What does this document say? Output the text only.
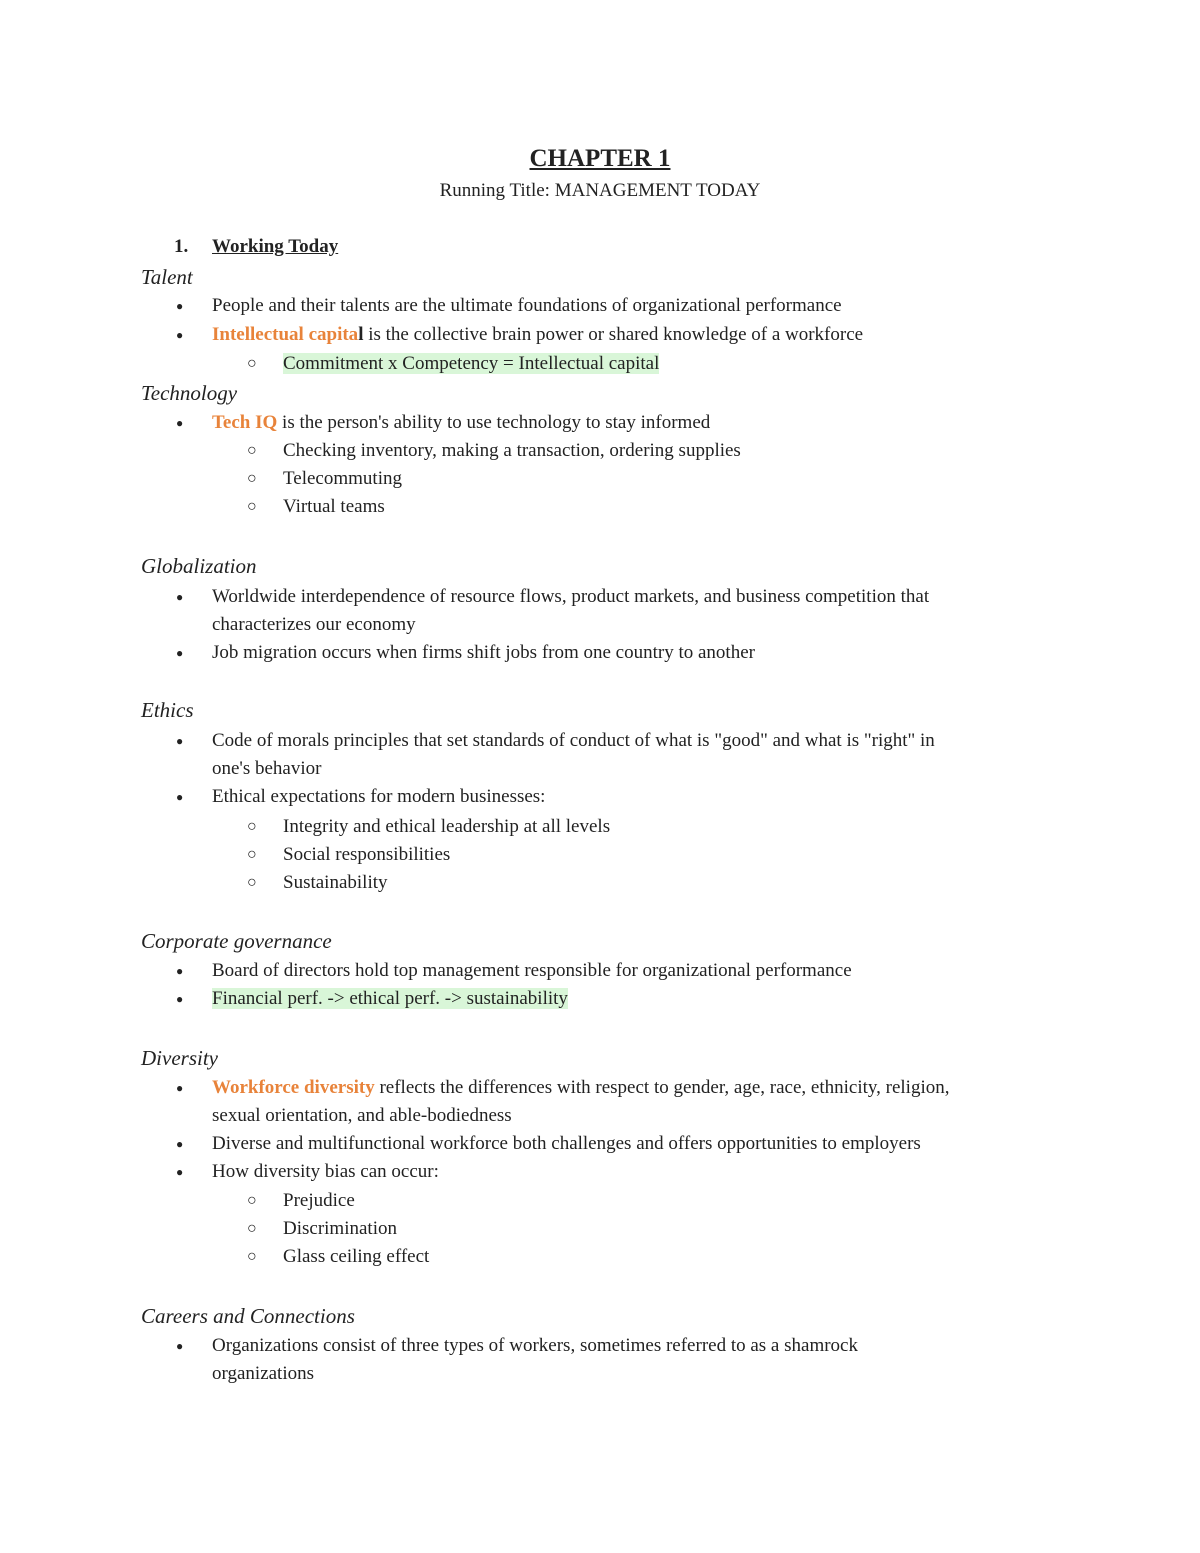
CHAPTER 1
Running Title: MANAGEMENT TODAY
1. Working Today
Talent
● People and their talents are the ultimate foundations of organizational performance
● Intellectual capital is the collective brain power or shared knowledge of a workforce
○ Commitment x Competency = Intellectual capital
Technology
● Tech IQ is the person's ability to use technology to stay informed
○ Checking inventory, making a transaction, ordering supplies
○ Telecommuting
○ Virtual teams
Globalization
● Worldwide interdependence of resource flows, product markets, and business competition that
characterizes our economy
● Job migration occurs when firms shift jobs from one country to another
Ethics
● Code of morals principles that set standards of conduct of what is "good" and what is "right" in
one's behavior
● Ethical expectations for modern businesses:
○ Integrity and ethical leadership at all levels
○ Social responsibilities
○ Sustainability
Corporate governance
● Board of directors hold top management responsible for organizational performance
● Financial perf. -> ethical perf. -> sustainability
Diversity
● Workforce diversity reflects the differences with respect to gender, age, race, ethnicity, religion,
sexual orientation, and able-bodiedness
● Diverse and multifunctional workforce both challenges and offers opportunities to employers
● How diversity bias can occur:
○ Prejudice
○ Discrimination
○ Glass ceiling effect
Careers and Connections
● Organizations consist of three types of workers, sometimes referred to as a shamrock
organizations
